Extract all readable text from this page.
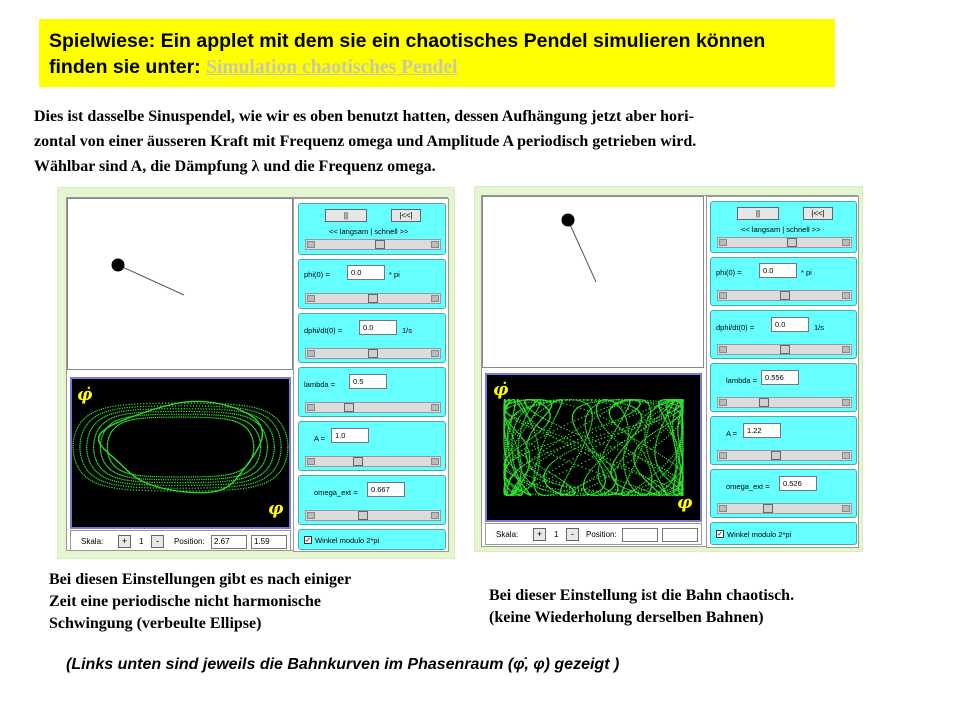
Spielwiese: Ein applet mit dem sie ein chaotisches Pendel simulieren können
finden sie unter: Simulation chaotisches Pendel
Dies ist dasselbe Sinuspendel, wie wir es oben benutzt hatten, dessen Aufhängung jetzt aber hori-
zontal von einer äusseren Kraft mit Frequenz omega und Amplitude A periodisch getrieben wird.
Wählbar sind A, die Dämpfung λ und die Frequenz omega.
φ̇
φ
Skala:	+	1	-	Position:	2.67	1.59
||	|<<|
<< langsam | schnell >>
phi(0) =	0.0	* pi
dphi/dt(0) =	0.0	1/s
lambda =	0.5
A =	1.0
omega_ext =	0.667
✓ Winkel modulo 2*pi
φ̇
φ
Skala:	+	1	-	Position:
||	|<<|
<< langsam | schnell >>
phi(0) =	0.0	* pi
dphi/dt(0) =	0.0	1/s
lambda =	0.556
A =	1.22
omega_ext =	0.526
✓ Winkel modulo 2*pi
Bei diesen Einstellungen gibt es nach einiger
Zeit eine periodische nicht harmonische
Schwingung (verbeulte Ellipse)
Bei dieser Einstellung ist die Bahn chaotisch.
(keine Wiederholung derselben Bahnen)
(Links unten sind jeweils die Bahnkurven im Phasenraum (φ̇, φ) gezeigt )
